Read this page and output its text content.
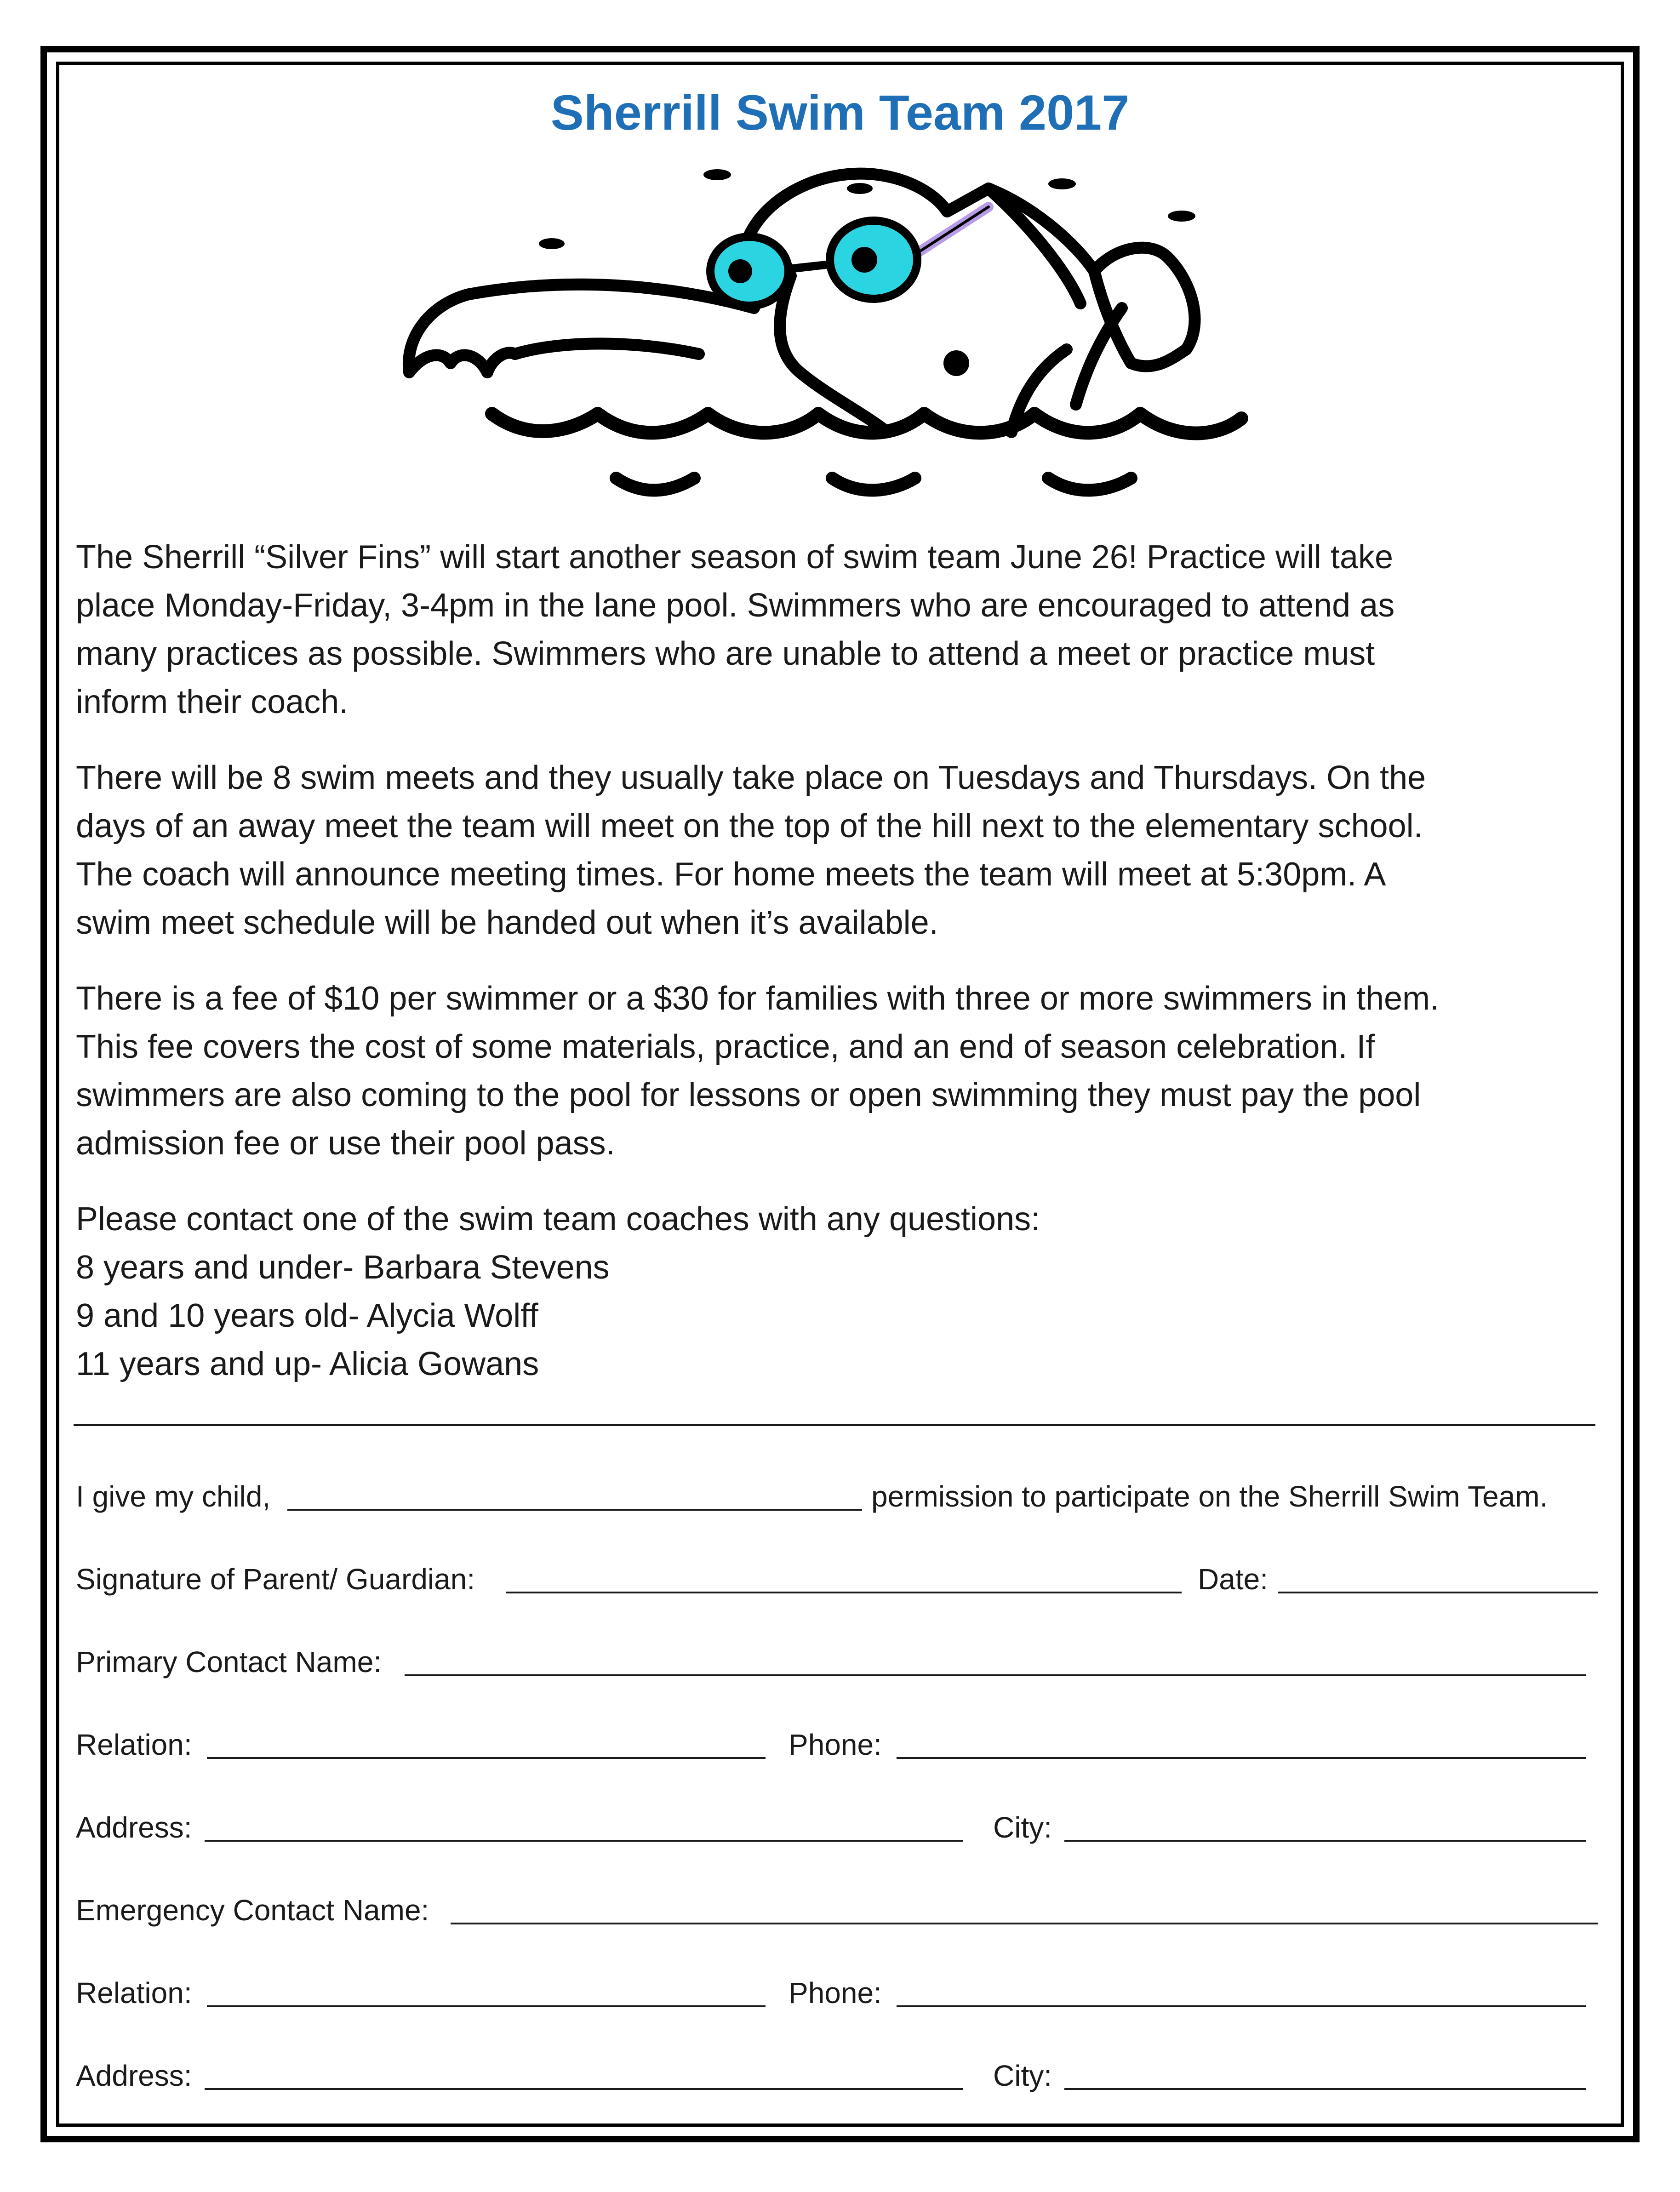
Sherrill Swim Team 2017

The Sherrill “Silver Fins” will start another season of swim team June 26! Practice will take
place Monday-Friday, 3-4pm in the lane pool. Swimmers who are encouraged to attend as
many practices as possible. Swimmers who are unable to attend a meet or practice must
inform their coach.

There will be 8 swim meets and they usually take place on Tuesdays and Thursdays. On the
days of an away meet the team will meet on the top of the hill next to the elementary school.
The coach will announce meeting times. For home meets the team will meet at 5:30pm. A
swim meet schedule will be handed out when it’s available.

There is a fee of $10 per swimmer or a $30 for families with three or more swimmers in them.
This fee covers the cost of some materials, practice, and an end of season celebration. If
swimmers are also coming to the pool for lessons or open swimming they must pay the pool
admission fee or use their pool pass.

Please contact one of the swim team coaches with any questions:

8 years and under- Barbara Stevens

9 and 10 years old- Alycia Wolff

11 years and up- Alicia Gowans

I give my child,	permission to participate on the Sherrill Swim Team.
Signature of Parent/ Guardian:	Date:
Primary Contact Name:
Relation:	Phone:
Address:	City:
Emergency Contact Name:
Relation:	Phone:
Address:	City:
